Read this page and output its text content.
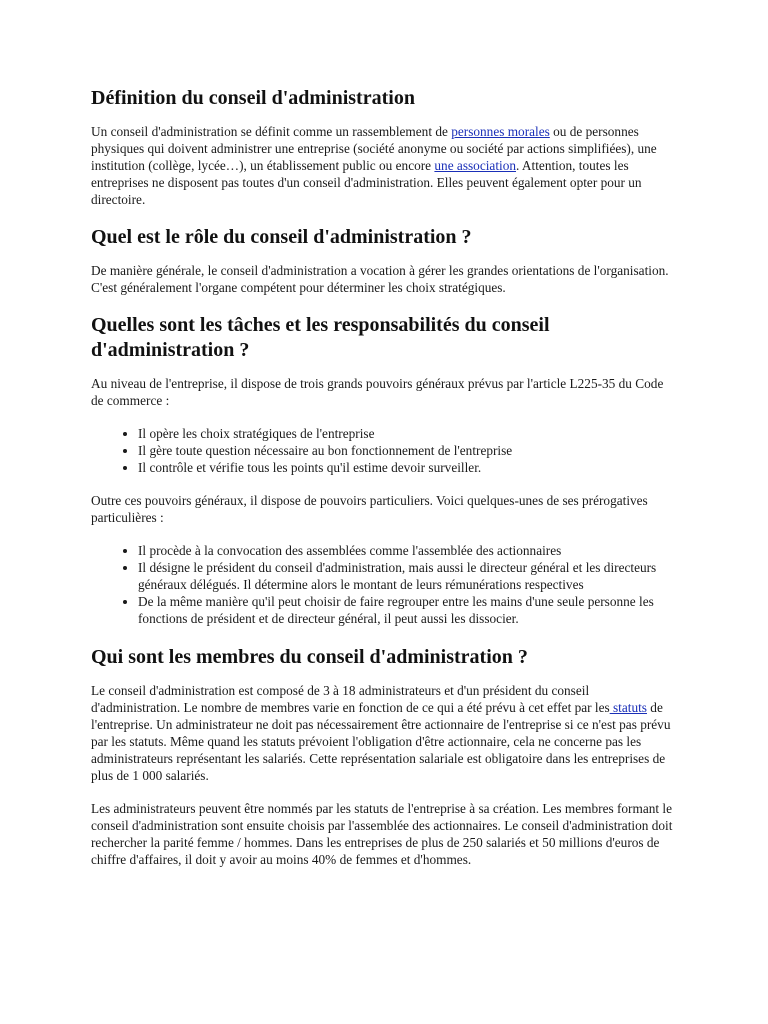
Définition du conseil d'administration

Un conseil d'administration se définit comme un rassemblement de personnes morales ou de personnes physiques qui doivent administrer une entreprise (société anonyme ou société par actions simplifiées), une institution (collège, lycée…), un établissement public ou encore une association. Attention, toutes les entreprises ne disposent pas toutes d'un conseil d'administration. Elles peuvent également opter pour un directoire.

Quel est le rôle du conseil d'administration ?

De manière générale, le conseil d'administration a vocation à gérer les grandes orientations de l'organisation. C'est généralement l'organe compétent pour déterminer les choix stratégiques.

Quelles sont les tâches et les responsabilités du conseil d'administration ?

Au niveau de l'entreprise, il dispose de trois grands pouvoirs généraux prévus par l'article L225-35 du Code de commerce :

• Il opère les choix stratégiques de l'entreprise
• Il gère toute question nécessaire au bon fonctionnement de l'entreprise
• Il contrôle et vérifie tous les points qu'il estime devoir surveiller.

Outre ces pouvoirs généraux, il dispose de pouvoirs particuliers. Voici quelques-unes de ses prérogatives particulières :

• Il procède à la convocation des assemblées comme l'assemblée des actionnaires
• Il désigne le président du conseil d'administration, mais aussi le directeur général et les directeurs généraux délégués. Il détermine alors le montant de leurs rémunérations respectives
• De la même manière qu'il peut choisir de faire regrouper entre les mains d'une seule personne les fonctions de président et de directeur général, il peut aussi les dissocier.
Qui sont les membres du conseil d'administration ?

Le conseil d'administration est composé de 3 à 18 administrateurs et d'un président du conseil d'administration. Le nombre de membres varie en fonction de ce qui a été prévu à cet effet par les statuts de l'entreprise. Un administrateur ne doit pas nécessairement être actionnaire de l'entreprise si ce n'est pas prévu par les statuts. Même quand les statuts prévoient l'obligation d'être actionnaire, cela ne concerne pas les administrateurs représentant les salariés. Cette représentation salariale est obligatoire dans les entreprises de plus de 1 000 salariés.

Les administrateurs peuvent être nommés par les statuts de l'entreprise à sa création. Les membres formant le conseil d'administration sont ensuite choisis par l'assemblée des actionnaires. Le conseil d'administration doit rechercher la parité femme / hommes. Dans les entreprises de plus de 250 salariés et 50 millions d'euros de chiffre d'affaires, il doit y avoir au moins 40% de femmes et d'hommes.
